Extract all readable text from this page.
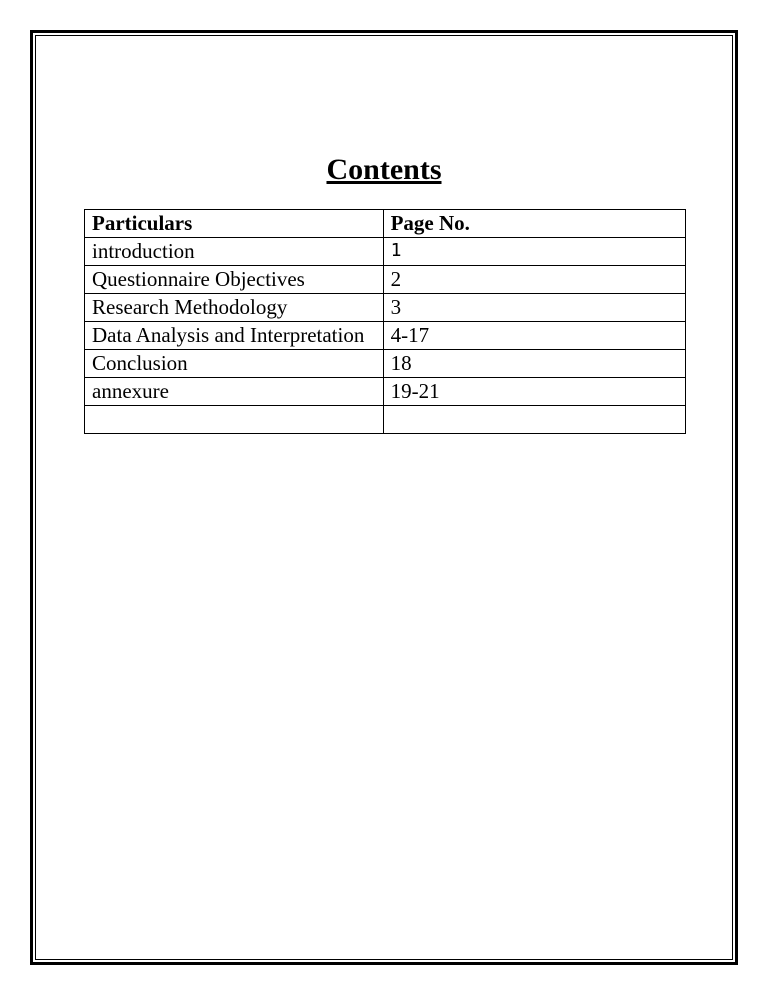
Contents
Particulars	Page No.
introduction	1
Questionnaire Objectives	2
Research Methodology	3
Data Analysis and Interpretation	4-17
Conclusion	18
annexure	19-21
